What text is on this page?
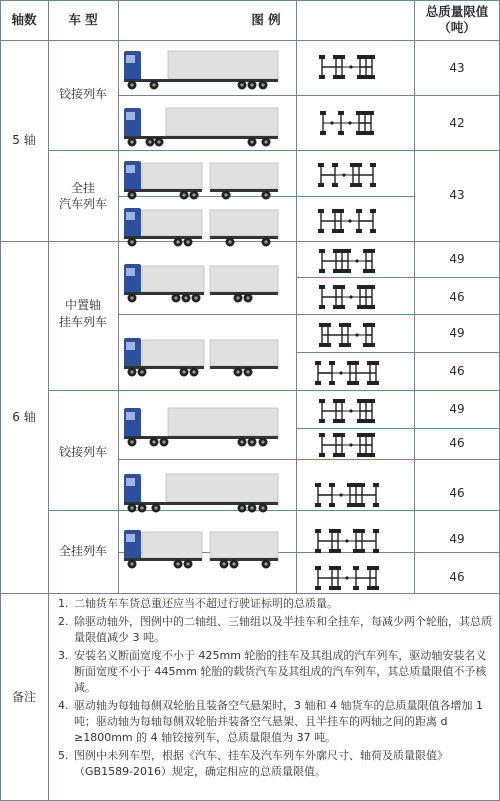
轴数	车 型	图 例
总质量限值
（吨）
5 轴
6 轴
备注
铰接列车
全挂
汽车列车
中置轴
挂车列车
铰接列车
全挂列车
43
42
43
49
46
49
46
49
46
46
49
46
1. 二轴货车车货总重还应当不超过行驶证标明的总质量。
2. 除驱动轴外，图例中的二轴组、三轴组以及半挂车和全挂车，每减少两个轮胎，其总质量限值减少 3 吨。
3. 安装名义断面宽度不小于 425mm 轮胎的挂车及其组成的汽车列车，驱动轴安装名义断面宽度不小于 445mm 轮胎的载货汽车及其组成的汽车列车，其总质量限值不予核减。
4. 驱动轴为每轴每侧双轮胎且装备空气悬架时，3 轴和 4 轴货车的总质量限值各增加 1 吨；驱动轴为每轴每侧双轮胎并装备空气悬架、且半挂车的两轴之间的距离 d ≥1800mm 的 4 轴铰接列车，总质量限值为 37 吨。
5. 图例中未列车型，根据《汽车、挂车及汽车列车外廓尺寸、轴荷及质量限值》（GB1589-2016）规定，确定相应的总质量限值。
